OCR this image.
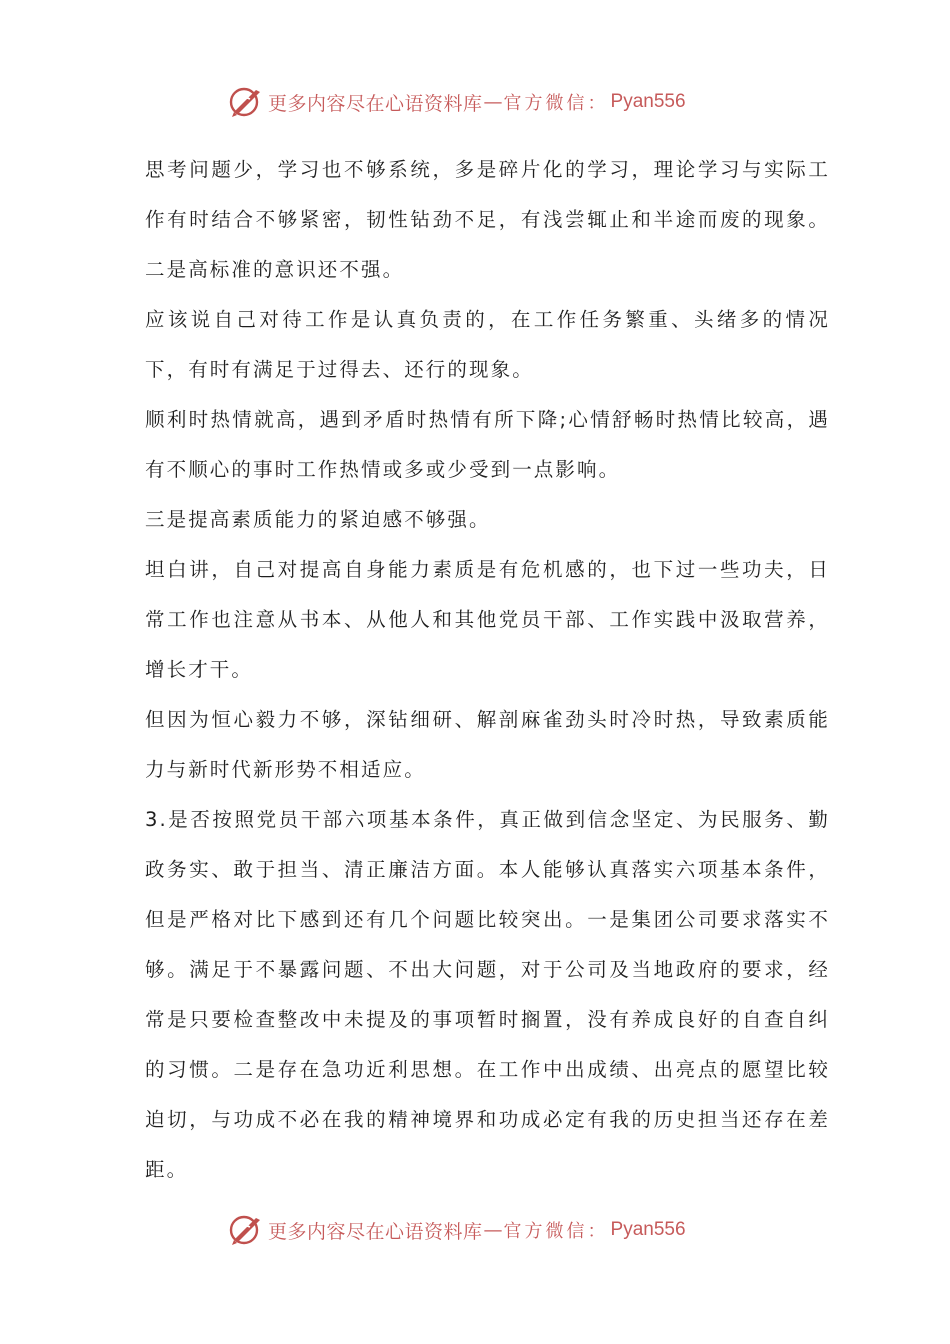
更多内容尽在心语资料库 — 官方微信： Pyan556

思考问题少，学习也不够系统，多是碎片化的学习，理论学习与实际工作有时结合不够紧密，韧性钻劲不足，有浅尝辄止和半途而废的现象。二是高标准的意识还不强。

应该说自己对待工作是认真负责的，在工作任务繁重、头绪多的情况下，有时有满足于过得去、还行的现象。

顺利时热情就高，遇到矛盾时热情有所下降;心情舒畅时热情比较高，遇有不顺心的事时工作热情或多或少受到一点影响。

三是提高素质能力的紧迫感不够强。

坦白讲，自己对提高自身能力素质是有危机感的，也下过一些功夫，日常工作也注意从书本、从他人和其他党员干部、工作实践中汲取营养，增长才干。

但因为恒心毅力不够，深钻细研、解剖麻雀劲头时冷时热，导致素质能力与新时代新形势不相适应。

3.是否按照党员干部六项基本条件，真正做到信念坚定、为民服务、勤政务实、敢于担当、清正廉洁方面。本人能够认真落实六项基本条件，但是严格对比下感到还有几个问题比较突出。一是集团公司要求落实不够。满足于不暴露问题、不出大问题，对于公司及当地政府的要求，经常是只要检查整改中未提及的事项暂时搁置，没有养成良好的自查自纠的习惯。二是存在急功近利思想。在工作中出成绩、出亮点的愿望比较迫切，与功成不必在我的精神境界和功成必定有我的历史担当还存在差距。

更多内容尽在心语资料库 — 官方微信： Pyan556
